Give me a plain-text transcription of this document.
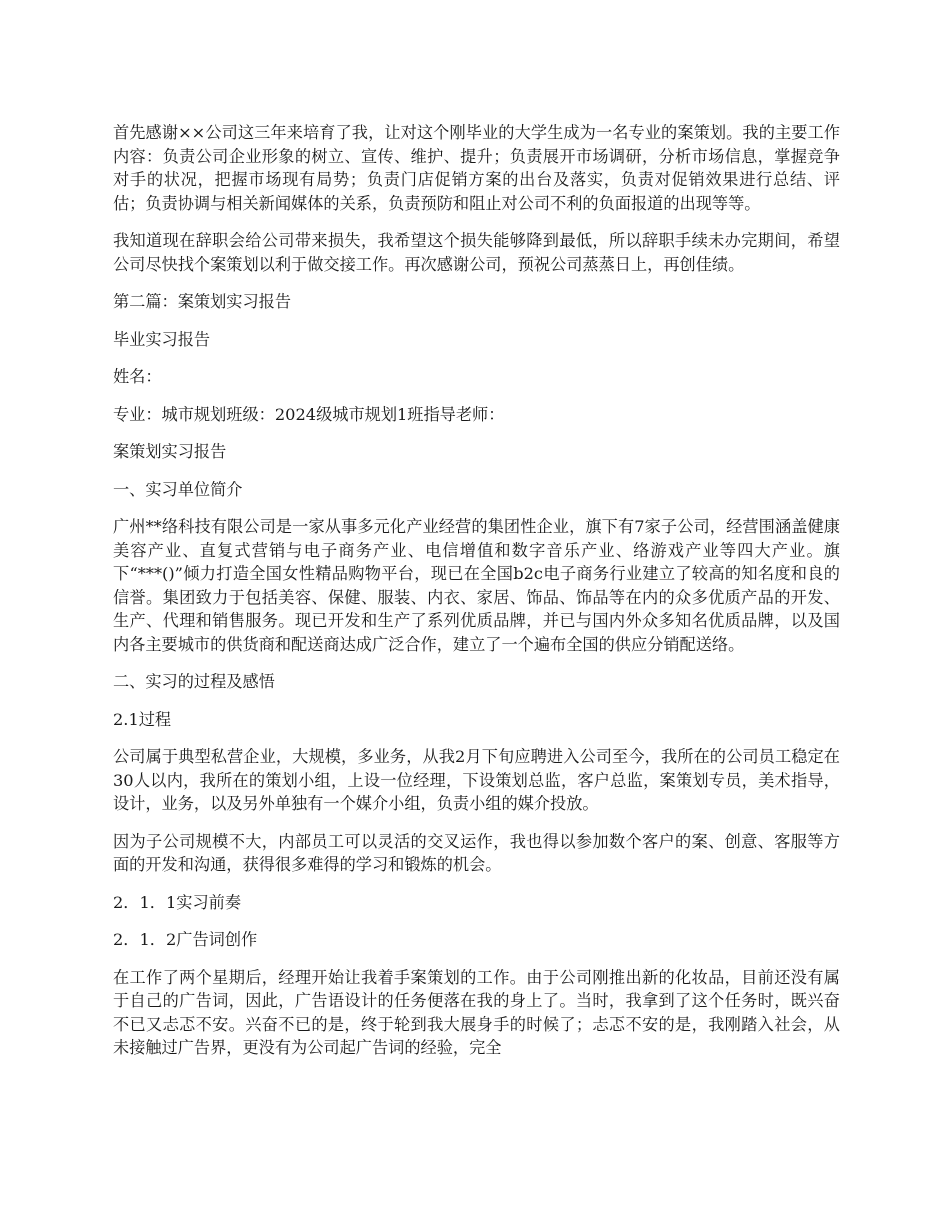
首先感谢××公司这三年来培育了我，让对这个刚毕业的大学生成为一名专业的案策划。我的主要工作内容：负责公司企业形象的树立、宣传、维护、提升；负责展开市场调研，分析市场信息，掌握竞争对手的状况，把握市场现有局势；负责门店促销方案的出台及落实，负责对促销效果进行总结、评估；负责协调与相关新闻媒体的关系，负责预防和阻止对公司不利的负面报道的出现等等。

我知道现在辞职会给公司带来损失，我希望这个损失能够降到最低，所以辞职手续未办完期间，希望公司尽快找个案策划以利于做交接工作。再次感谢公司，预祝公司蒸蒸日上，再创佳绩。

第二篇：案策划实习报告

毕业实习报告

姓名：

专业：城市规划班级：2024级城市规划1班指导老师：

案策划实习报告

一、实习单位简介

广州**络科技有限公司是一家从事多元化产业经营的集团性企业，旗下有7家子公司，经营围涵盖健康美容产业、直复式营销与电子商务产业、电信增值和数字音乐产业、络游戏产业等四大产业。旗下“***()”倾力打造全国女性精品购物平台，现已在全国b2c电子商务行业建立了较高的知名度和良的信誉。集团致力于包括美容、保健、服装、内衣、家居、饰品、饰品等在内的众多优质产品的开发、生产、代理和销售服务。现已开发和生产了系列优质品牌，并已与国内外众多知名优质品牌，以及国内各主要城市的供货商和配送商达成广泛合作，建立了一个遍布全国的供应分销配送络。

二、实习的过程及感悟

2.1过程

公司属于典型私营企业，大规模，多业务，从我2月下旬应聘进入公司至今，我所在的公司员工稳定在30人以内，我所在的策划小组，上设一位经理，下设策划总监，客户总监，案策划专员，美术指导，设计，业务，以及另外单独有一个媒介小组，负责小组的媒介投放。

因为子公司规模不大，内部员工可以灵活的交叉运作，我也得以参加数个客户的案、创意、客服等方面的开发和沟通，获得很多难得的学习和锻炼的机会。

2．1．1实习前奏

2．1．2广告词创作

在工作了两个星期后，经理开始让我着手案策划的工作。由于公司刚推出新的化妆品，目前还没有属于自己的广告词，因此，广告语设计的任务便落在我的身上了。当时，我拿到了这个任务时，既兴奋不已又忐忑不安。兴奋不已的是，终于轮到我大展身手的时候了；忐忑不安的是，我刚踏入社会，从未接触过广告界，更没有为公司起广告词的经验，完全
